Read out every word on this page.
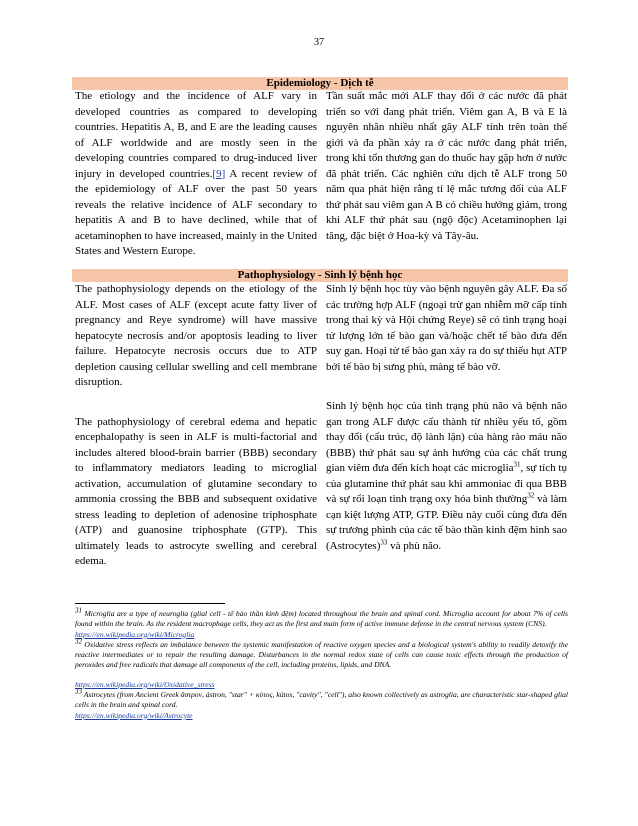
37
Epidemiology - Dịch tễ

The etiology and the incidence of ALF vary in developed countries as compared to developing countries. Hepatitis A, B, and E are the leading causes of ALF worldwide and are mostly seen in the developing countries compared to drug-induced liver injury in developed countries.[9] A recent review of the epidemiology of ALF over the past 50 years reveals the relative incidence of ALF secondary to hepatitis A and B to have declined, while that of acetaminophen to have increased, mainly in the United States and Western Europe.

Tần suất mắc mới ALF thay đổi ở các nước đã phát triển so với đang phát triển. Viêm gan A, B và E là nguyên nhân nhiều nhất gây ALF tính trên toàn thế giới và đa phần xảy ra ở các nước đang phát triển, trong khi tổn thương gan do thuốc hay gặp hơn ở nước đã phát triển. Các nghiên cứu dịch tễ ALF trong 50 năm qua phát hiện rằng tỉ lệ mắc tương đối của ALF thứ phát sau viêm gan A B có chiều hướng giảm, trong khi ALF thứ phát sau (ngộ độc) Acetaminophen lại tăng, đặc biệt ở Hoa-kỳ và Tây-âu.

Pathophysiology - Sinh lý bệnh học

The pathophysiology depends on the etiology of the ALF. Most cases of ALF (except acute fatty liver of pregnancy and Reye syndrome) will have massive hepatocyte necrosis and/or apoptosis leading to liver failure. Hepatocyte necrosis occurs due to ATP depletion causing cellular swelling and cell membrane disruption.

The pathophysiology of cerebral edema and hepatic encephalopathy is seen in ALF is multi-factorial and includes altered blood-brain barrier (BBB) secondary to inflammatory mediators leading to microglial activation, accumulation of glutamine secondary to ammonia crossing the BBB and subsequent oxidative stress leading to depletion of adenosine triphosphate (ATP) and guanosine triphosphate (GTP). This ultimately leads to astrocyte swelling and cerebral edema.

Sinh lý bệnh học tùy vào bệnh nguyên gây ALF. Đa số các trường hợp ALF (ngoại trừ gan nhiễm mỡ cấp tính trong thai kỳ và Hội chứng Reye) sẽ có tình trạng hoại tử lượng lớn tế bào gan và/hoặc chết tế bào đưa đến suy gan. Hoại tử tế bào gan xảy ra do sự thiếu hụt ATP bởi tế bào bị sưng phù, màng tế bào vỡ.

Sinh lý bệnh học của tình trạng phù não và bệnh não gan trong ALF được cấu thành từ nhiều yếu tố, gồm thay đổi (cấu trúc, độ lành lặn) của hàng rào máu não (BBB) thứ phát sau sự ảnh hưởng của các chất trung gian viêm đưa đến kích hoạt các microglia$^{31}$, sự tích tụ của glutamine thứ phát sau khi ammoniac đi qua BBB và sự rối loạn tình trạng oxy hóa bình thường$^{32}$ và làm cạn kiệt lượng ATP, GTP. Điều này cuối cùng đưa đến sự trương phình của các tế bào thần kinh đệm hình sao (Astrocytes)$^{33}$ và phù não.

$^{31}$ Microglia are a type of neuroglia (glial cell - tế bào thần kinh đệm) located throughout the brain and spinal cord. Microglia account for about 7% of cells found within the brain. As the resident macrophage cells, they act as the first and main form of active immune defense in the central nervous system (CNS).

https://en.wikipedia.org/wiki/Microglia

$^{32}$ Oxidative stress reflects an imbalance between the systemic manifestation of reactive oxygen species and a biological system's ability to readily detoxify the reactive intermediates or to repair the resulting damage. Disturbances in the normal redox state of cells can cause toxic effects through the production of peroxides and free radicals that damage all components of the cell, including proteins, lipids, and DNA.

https://en.wikipedia.org/wiki/Oxidative_stress

$^{33}$ Astrocytes (from Ancient Greek ἄστρον, ástron, "star" + κύτος, kútos, "cavity", "cell"), also known collectively as astroglia, are characteristic star-shaped glial cells in the brain and spinal cord.

https://en.wikipedia.org/wiki/Astrocyte
